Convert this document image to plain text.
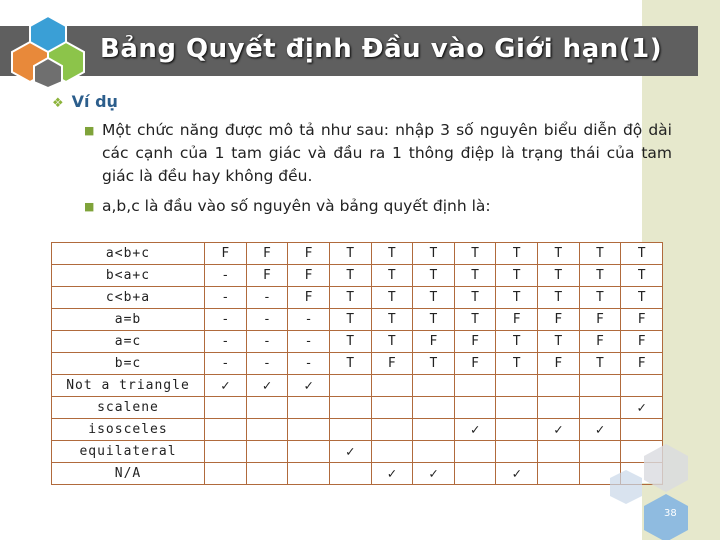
Bảng Quyết định Đầu vào Giới hạn(1)
❖ Ví dụ
■ Một chức năng được mô tả như sau: nhập 3 số nguyên biểu diễn độ dài các cạnh của 1 tam giác và đầu ra 1 thông điệp là trạng thái của tam giác là đều hay không đều.
■ a,b,c là đầu vào số nguyên và bảng quyết định là:
a<b+c	F	F	F	T	T	T	T	T	T	T	T
b<a+c	-	F	F	T	T	T	T	T	T	T	T
c<b+a	-	-	F	T	T	T	T	T	T	T	T
a=b	-	-	-	T	T	T	T	F	F	F	F
a=c	-	-	-	T	T	F	F	T	T	F	F
b=c	-	-	-	T	F	T	F	T	F	T	F
Not a triangle	✓	✓	✓								
scalene											✓
isosceles							✓		✓	✓	
equilateral				✓							
N/A					✓	✓		✓			
38
